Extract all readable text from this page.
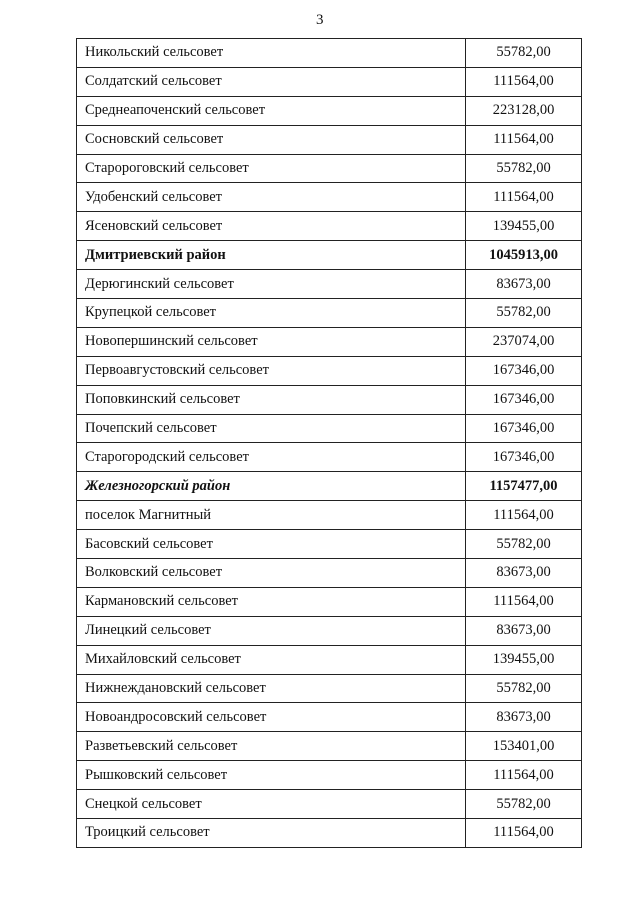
3
Никольский сельсовет	55782,00
Солдатский сельсовет	111564,00
Среднеапоченский сельсовет	223128,00
Сосновский сельсовет	111564,00
Старороговский сельсовет	55782,00
Удобенский сельсовет	111564,00
Ясеновский сельсовет	139455,00
Дмитриевский район	1045913,00
Дерюгинский сельсовет	83673,00
Крупецкой сельсовет	55782,00
Новопершинский сельсовет	237074,00
Первоавгустовский сельсовет	167346,00
Поповкинский сельсовет	167346,00
Почепский сельсовет	167346,00
Старогородский сельсовет	167346,00
Железногорский район	1157477,00
поселок Магнитный	111564,00
Басовский сельсовет	55782,00
Волковский сельсовет	83673,00
Кармановский сельсовет	111564,00
Линецкий сельсовет	83673,00
Михайловский сельсовет	139455,00
Нижнеждановский сельсовет	55782,00
Новоандросовский сельсовет	83673,00
Разветьевский сельсовет	153401,00
Рышковский сельсовет	111564,00
Снецкой сельсовет	55782,00
Троицкий сельсовет	111564,00
